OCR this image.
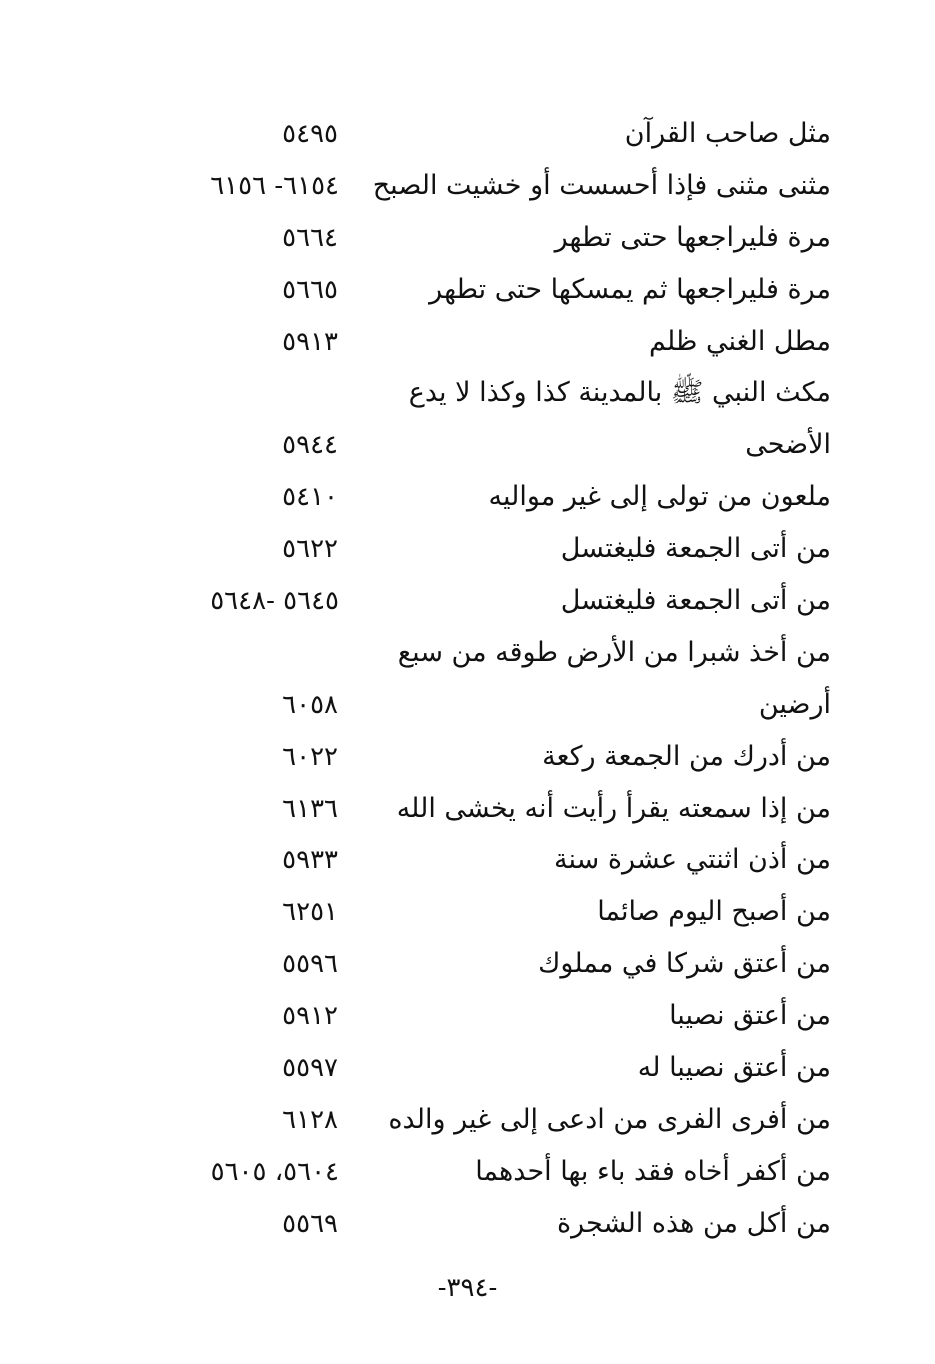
مثل صاحب القرآن
٥٤٩٥
مثنى مثنى فإذا أحسست أو خشيت الصبح
٦١٥٤- ٦١٥٦
مرة فليراجعها حتى تطهر
٥٦٦٤
مرة فليراجعها ثم يمسكها حتى تطهر
٥٦٦٥
مطل الغني ظلم
٥٩١٣
مكث النبي ﷺ بالمدينة كذا وكذا لا يدع
الأضحى
٥٩٤٤
ملعون من تولى إلى غير مواليه
٥٤١٠
من أتى الجمعة فليغتسل
٥٦٢٢
من أتى الجمعة فليغتسل
٥٦٤٥ -٥٦٤٨
من أخذ شبرا من الأرض طوقه من سبع
أرضين
٦٠٥٨
من أدرك من الجمعة ركعة
٦٠٢٢
من إذا سمعته يقرأ رأيت أنه يخشى الله
٦١٣٦
من أذن اثنتي عشرة سنة
٥٩٣٣
من أصبح اليوم صائما
٦٢٥١
من أعتق شركا في مملوك
٥٥٩٦
من أعتق نصيبا
٥٩١٢
من أعتق نصيبا له
٥٥٩٧
من أفرى الفرى من ادعى إلى غير والده
٦١٢٨
من أكفر أخاه فقد باء بها أحدهما
٥٦٠٤، ٥٦٠٥
من أكل من هذه الشجرة
٥٥٦٩
-٣٩٤-
